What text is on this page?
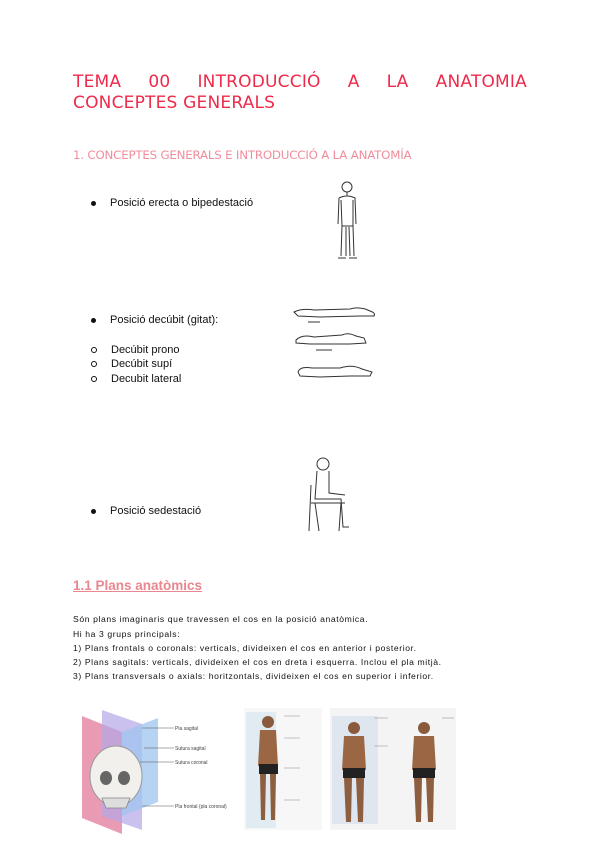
TEMA 00 INTRODUCCIÓ A LA ANATOMIA
CONCEPTES GENERALS
1. CONCEPTES GENERALS E INTRODUCCIÓ A LA ANATOMÍA
Posició erecta o bipedestació
Posició decúbit (gitat):
Decúbit prono
Decúbit supí
Decubit lateral
Posició sedestació
1.1 Plans anatòmics
Són plans imaginaris que travessen el cos en la posició anatòmica.
Hi ha 3 grups principals:
1) Plans frontals o coronals: verticals, divideixen el cos en anterior i posterior.
2) Plans sagitals: verticals, divideixen el cos en dreta i esquerra. Inclou el pla mitjà.
3) Plans transversals o axials: horitzontals, divideixen el cos en superior i inferior.
Pla sagital
Sutura sagital
Sutura coronal
Pla frontal (pla coronal)
